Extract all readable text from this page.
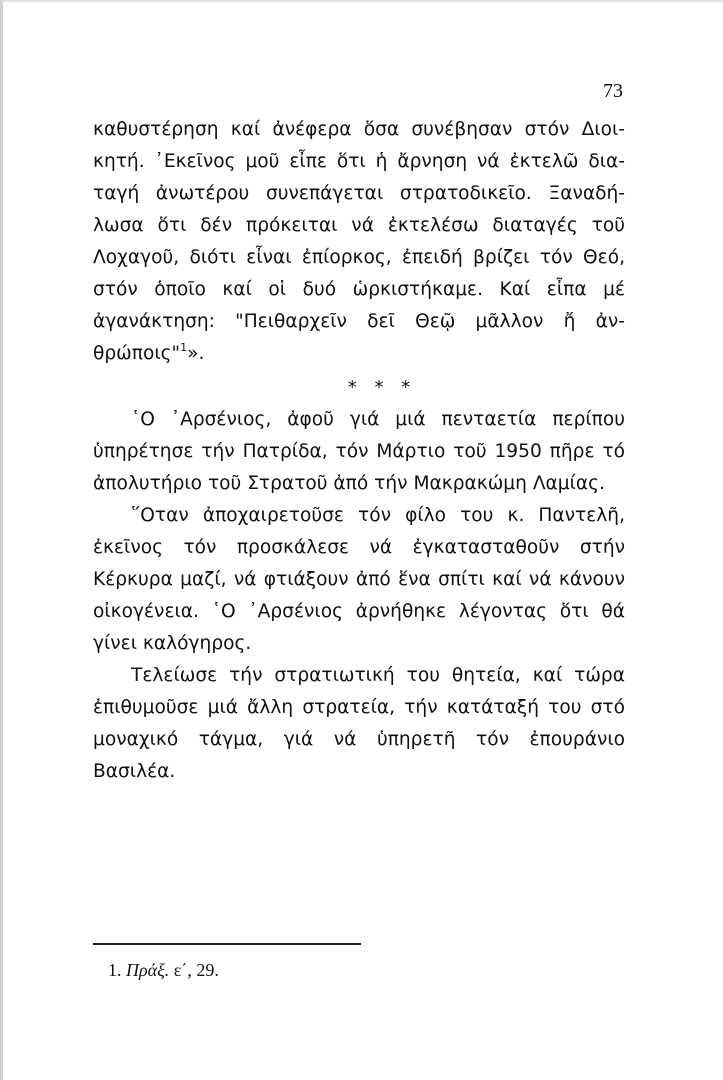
73

καθυστέρηση καί ἀνέφερα ὅσα συνέβησαν στόν Διοικητή. ᾿Εκεῖνος μοῦ εἶπε ὅτι ἡ ἄρνηση νά ἐκτελῶ διαταγή ἀνωτέρου συνεπάγεται στρατοδικεῖο. Ξαναδήλωσα ὅτι δέν πρόκειται νά ἐκτελέσω διαταγές τοῦ Λοχαγοῦ, διότι εἶναι ἐπίορκος, ἐπειδή βρίζει τόν Θεό, στόν ὁποῖο καί οἱ δυό ὡρκιστήκαμε. Καί εἶπα μέ ἀγανάκτηση: "Πειθαρχεῖν δεῖ Θεῷ μᾶλλον ἤ ἀνθρώποις"$^1$».

* * *

῾Ο ᾿Αρσένιος, ἀφοῦ γιά μιά πενταετία περίπου ὑπηρέτησε τήν Πατρίδα, τόν Μάρτιο τοῦ 1950 πῆρε τό ἀπολυτήριο τοῦ Στρατοῦ ἀπό τήν Μακρακώμη Λαμίας.

῞Οταν ἀποχαιρετοῦσε τόν φίλο του κ. Παντελῆ, ἐκεῖνος τόν προσκάλεσε νά ἐγκατασταθοῦν στήν Κέρκυρα μαζί, νά φτιάξουν ἀπό ἕνα σπίτι καί νά κάνουν οἰκογένεια. ῾Ο ᾿Αρσένιος ἀρνήθηκε λέγοντας ὅτι θά γίνει καλόγηρος.

Τελείωσε τήν στρατιωτική του θητεία, καί τώρα ἐπιθυμοῦσε μιά ἄλλη στρατεία, τήν κατάταξή του στό μοναχικό τάγμα, γιά νά ὑπηρετῆ τόν ἐπουράνιο Βασιλέα.

1. Πράξ. ε΄, 29.
